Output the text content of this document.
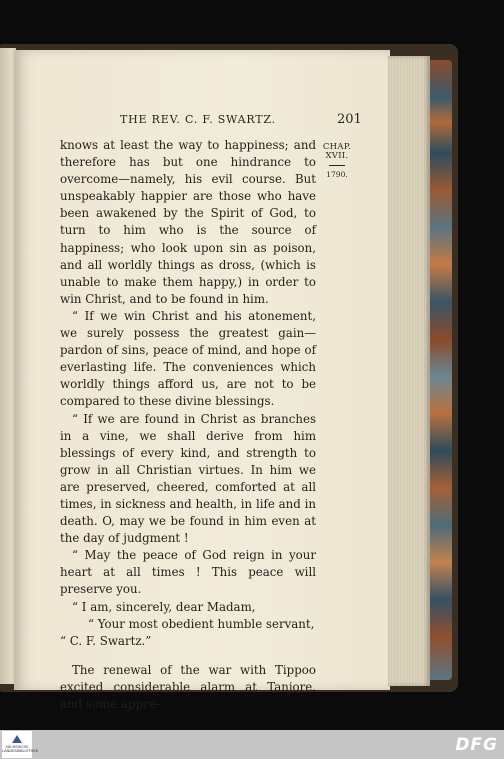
THE REV. C. F. SWARTZ.	201
CHAP. XVII.
1790.

knows at least the way to happiness; and therefore has but one hindrance to overcome—namely, his evil course. But unspeakably happier are those who have been awakened by the Spirit of God, to turn to him who is the source of happiness; who look upon sin as poison, and all worldly things as dross, (which is unable to make them happy,) in order to win Christ, and to be found in him.

“ If we win Christ and his atonement, we surely possess the greatest gain—pardon of sins, peace of mind, and hope of everlasting life. The conveniences which worldly things afford us, are not to be compared to these divine blessings.

“ If we are found in Christ as branches in a vine, we shall derive from him blessings of every kind, and strength to grow in all Christian virtues. In him we are preserved, cheered, comforted at all times, in sickness and health, in life and in death. O, may we be found in him even at the day of judgment !

“ May the peace of God reign in your heart at all times ! This peace will preserve you.

“ I am, sincerely, dear Madam,

“ Your most obedient humble servant,

“ C. F. Swartz.”

The renewal of the war with Tippoo excited considerable alarm at Tanjore, and some appre-

SÄCHSISCHE LANDESBIBLIOTHEK	DFG
